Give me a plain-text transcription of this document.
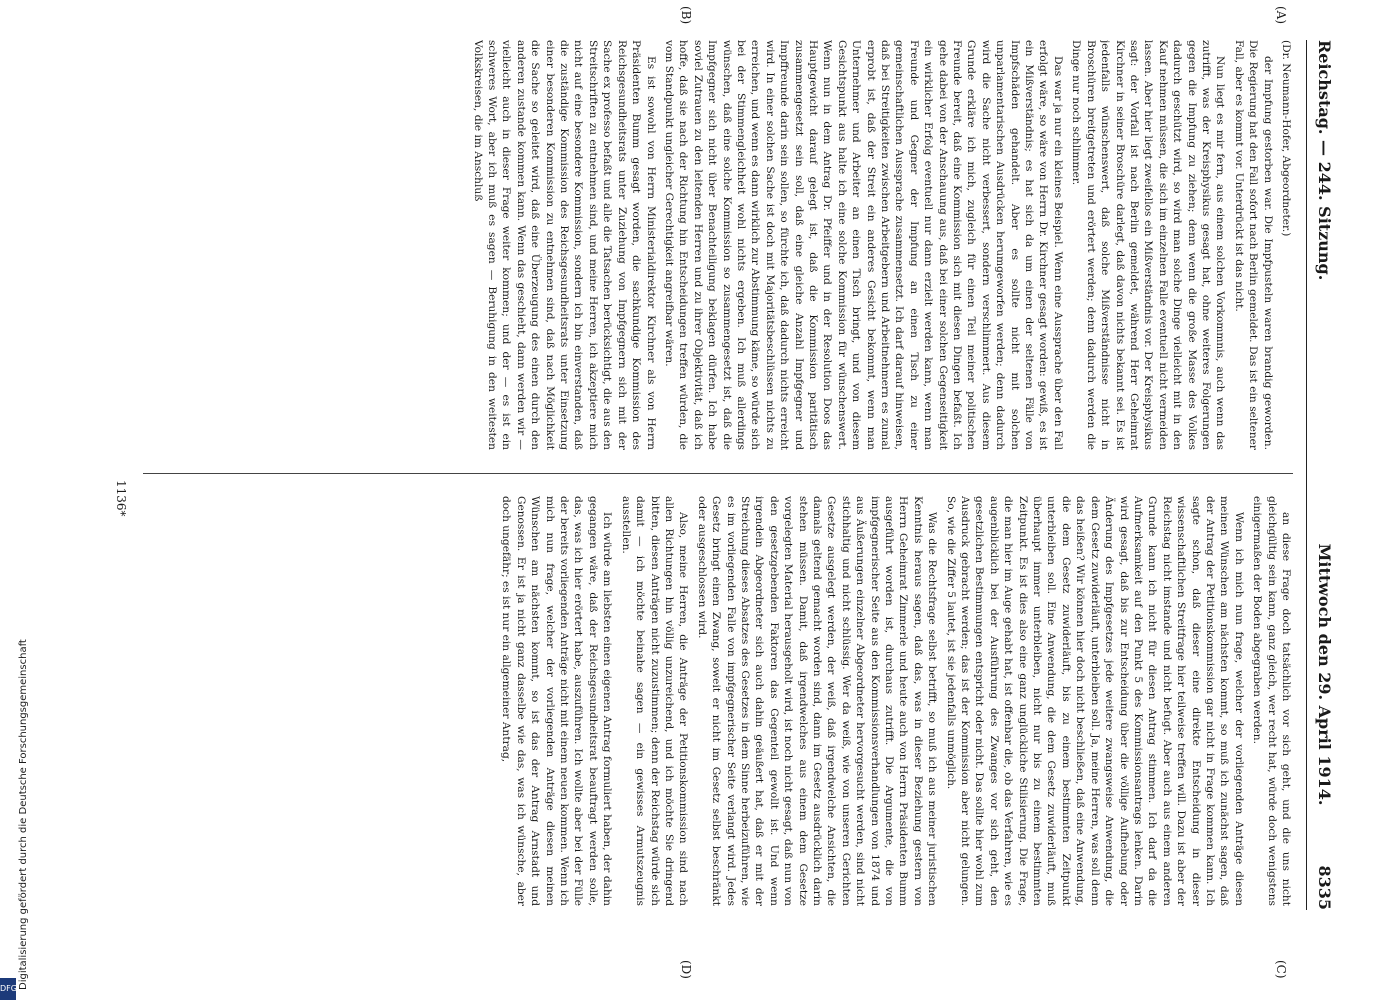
Reichstag. — 244. Sitzung.
Mittwoch den 29. April 1914.
8335
(A)
(B)
(C)
(D)

(Dr. Neumann-Hofer, Abgeordneter.)

der Impfung gestorben war. Die Impfpusteln waren brandig geworden. Die Regierung hat den Fall sofort nach Berlin gemeldet. Das ist ein seltener Fall, aber es kommt vor. Unterdrückt ist das nicht.

Nun liegt es mir fern, aus einem solchen Vorkommnis, auch wenn das zutrifft, was der Kreisphysikus gesagt hat, ohne weiteres Folgerungen gegen die Impfung zu ziehen; denn wenn die große Masse des Volkes dadurch geschützt wird, so wird man solche Dinge vielleicht mit in den Kauf nehmen müssen, die sich im einzelnen Falle eventuell nicht vermeiden lassen. Aber hier liegt zweifellos ein Mißverständnis vor. Der Kreisphysikus sagt: der Vorfall ist nach Berlin gemeldet, während Herr Geheimrat Kirchner in seiner Broschüre darlegt, daß davon nichts bekannt sei. Es ist jedenfalls wünschenswert, daß solche Mißverständnisse nicht in Broschüren breitgetreten und erörtert werden; denn dadurch werden die Dinge nur noch schlimmer.

Das war ja nur ein kleines Beispiel. Wenn eine Aussprache über den Fall erfolgt wäre, so wäre von Herrn Dr. Kirchner gesagt worden: gewiß, es ist ein Mißverständnis; es hat sich da um einen der seltenen Fälle von Impfschäden gehandelt. Aber es sollte nicht mit solchen unparlamentarischen Ausdrücken herumgeworfen werden; denn dadurch wird die Sache nicht verbessert, sondern verschlimmert. Aus diesem Grunde erkläre ich mich, zugleich für einen Teil meiner politischen Freunde bereit, daß eine Kommission sich mit diesen Dingen befaßt. Ich gehe dabei von der Anschauung aus, daß bei einer solchen Gegenseitigkeit ein wirklicher Erfolg eventuell nur dann erzielt werden kann, wenn man Freunde und Gegner der Impfung an einen Tisch zu einer gemeinschaftlichen Aussprache zusammensetzt. Ich darf darauf hinweisen, daß bei Streitigkeiten zwischen Arbeitgebern und Arbeitnehmern es zumal erprobt ist, daß der Streit ein anderes Gesicht bekommt, wenn man Unternehmer und Arbeiter an einen Tisch bringt, und von diesem Gesichtspunkt aus halte ich eine solche Kommission für wünschenswert. Wenn nun in dem Antrag Dr. Pfeiffer und in der Resolution Doos das Hauptgewicht darauf gelegt ist, daß die Kommission paritätisch zusammengesetzt sein soll, daß eine gleiche Anzahl Impfgegner und Impffreunde darin sein sollen, so fürchte ich, daß dadurch nichts erreicht wird. In einer solchen Sache ist doch mit Majoritätsbeschlüssen nichts zu erreichen, und wenn es dann wirklich zur Abstimmung käme, so würde sich bei der Stimmengleichheit wohl nichts ergeben. Ich muß allerdings wünschen, daß eine solche Kommission so zusammengesetzt ist, daß die Impfgegner sich nicht über Benachteiligung beklagen dürfen. Ich habe soviel Zutrauen zu den leitenden Herren und zu ihrer Objektivität, daß ich hoffe, daß sie nach der Richtung hin Entscheidungen treffen würden, die vom Standpunkt ungleicher Gerechtigkeit angreifbar wären.

Es ist sowohl von Herrn Ministerialdirektor Kirchner als von Herrn Präsidenten Bumm gesagt worden, die sachkundige Kommission des Reichsgesundheitsrats unter Zuziehung von Impfgegnern sich mit der Sache ex professo befaßt und alle die Tatsachen berücksichtigt, die aus den Streitschriften zu entnehmen sind, und meine Herren, ich akzeptiere mich nicht auf eine besondere Kommission, sondern ich bin einverstanden, daß die zuständige Kommission des Reichsgesundheitsrats unter Einsetzung einer besonderen Kommission zu entnehmen sind, daß nach Möglichkeit die Sache so geleitet wird, daß eine Überzeugung des einen durch den anderen zustande kommen kann. Wenn das geschieht, dann werden wir — vielleicht auch in dieser Frage weiter kommen; und der — es ist ein schweres Wort, aber ich muß es sagen — Beruhigung in den weitesten Volkskreisen, die im Anschluß

an diese Frage doch tatsächlich vor sich geht, und die uns nicht gleichgültig sein kann, ganz gleich, wer recht hat, würde doch wenigstens einigermaßen der Boden abgegraben werden.

Wenn ich mich nun frage, welcher der vorliegenden Anträge diesen meinen Wünschen am nächsten kommt, so muß ich zunächst sagen, daß der Antrag der Petitionskommission gar nicht in Frage kommen kann. Ich sagte schon, daß dieser eine direkte Entscheidung in dieser wissenschaftlichen Streitfrage hier teilweise treffen will. Dazu ist aber der Reichstag nicht imstande und nicht befugt. Aber auch aus einem anderen Grunde kann ich nicht für diesen Antrag stimmen. Ich darf da die Aufmerksamkeit auf den Punkt 5 des Kommissionsantrags lenken. Darin wird gesagt, daß bis zur Entscheidung über die völlige Aufhebung oder Änderung des Impfgesetzes jede weitere zwangsweise Anwendung, die dem Gesetz zuwiderläuft, unterbleiben soll. Ja, meine Herren, was soll denn das heißen? Wir können hier doch nicht beschließen, daß eine Anwendung, die dem Gesetz zuwiderläuft, bis zu einem bestimmten Zeitpunkt unterbleiben soll. Eine Anwendung, die dem Gesetz zuwiderläuft, muß überhaupt immer unterbleiben, nicht nur bis zu einem bestimmten Zeitpunkt. Es ist dies also eine ganz unglückliche Stilisierung. Die Frage, die man hier im Auge gehabt hat, ist offenbar die, ob das Verfahren, wie es augenblicklich bei der Ausführung des Zwanges vor sich geht, den gesetzlichen Bestimmungen entspricht oder nicht. Das sollte hier wohl zum Ausdruck gebracht werden; das ist der Kommission aber nicht gelungen. So, wie die Ziffer 5 lautet, ist sie jedenfalls unmöglich.

Was die Rechtsfrage selbst betrifft, so muß ich aus meiner juristischen Kenntnis heraus sagen, daß das, was in dieser Beziehung gestern von Herrn Geheimrat Zimmerle und heute auch von Herrn Präsidenten Bumm ausgeführt worden ist, durchaus zutrifft. Die Argumente, die von impfgegnerischer Seite aus den Kommissionsverhandlungen von 1874 und aus Äußerungen einzelner Abgeordneter hervorgesucht werden, sind nicht stichhaltig und nicht schlüssig. Wer da weiß, wie von unseren Gerichten Gesetze ausgelegt werden, der weiß, daß irgendwelche Ansichten, die damals geltend gemacht worden sind, dann im Gesetz ausdrücklich darin stehen müssen. Damit, daß irgendwelches aus einem dem Gesetze vorgelegten Material herausgeholt wird, ist noch nicht gesagt, daß nun von den gesetzgebenden Faktoren das Gegenteil gewollt ist. Und wenn irgendein Abgeordneter sich auch dahin geäußert hat, daß er mit der Streichung dieses Absatzes des Gesetzes in dem Sinne herbeizuführen, wie es im vorliegenden Falle von impfgegnerischer Seite verlangt wird. Jedes Gesetz bringt einen Zwang, soweit er nicht im Gesetz selbst beschränkt oder ausgeschlossen wird.

Also, meine Herren, die Anträge der Petitionskommission sind nach allen Richtungen hin völlig unzureichend, und ich möchte Sie dringend bitten, diesen Anträgen nicht zuzustimmen; denn der Reichstag würde sich damit — ich möchte beinahe sagen — ein gewisses Armutszeugnis ausstellen.

Ich würde am liebsten einen eigenen Antrag formuliert haben, der dahin gegangen wäre, daß der Reichsgesundheitsrat beauftragt werden solle, das, was ich hier erörtert habe, auszuführen. Ich wollte aber bei der Fülle der bereits vorliegenden Anträge nicht mit einem neuen kommen. Wenn ich mich nun frage, welcher der vorliegenden Anträge diesen meinen Wünschen am nächsten kommt, so ist das der Antrag Arnstadt und Genossen. Er ist ja nicht ganz dasselbe wie das, was ich wünsche, aber doch ungefähr; es ist nur ein allgemeiner Antrag,

1136*
Digitalisierung gefördert durch die Deutsche Forschungsgemeinschaft
DFG
